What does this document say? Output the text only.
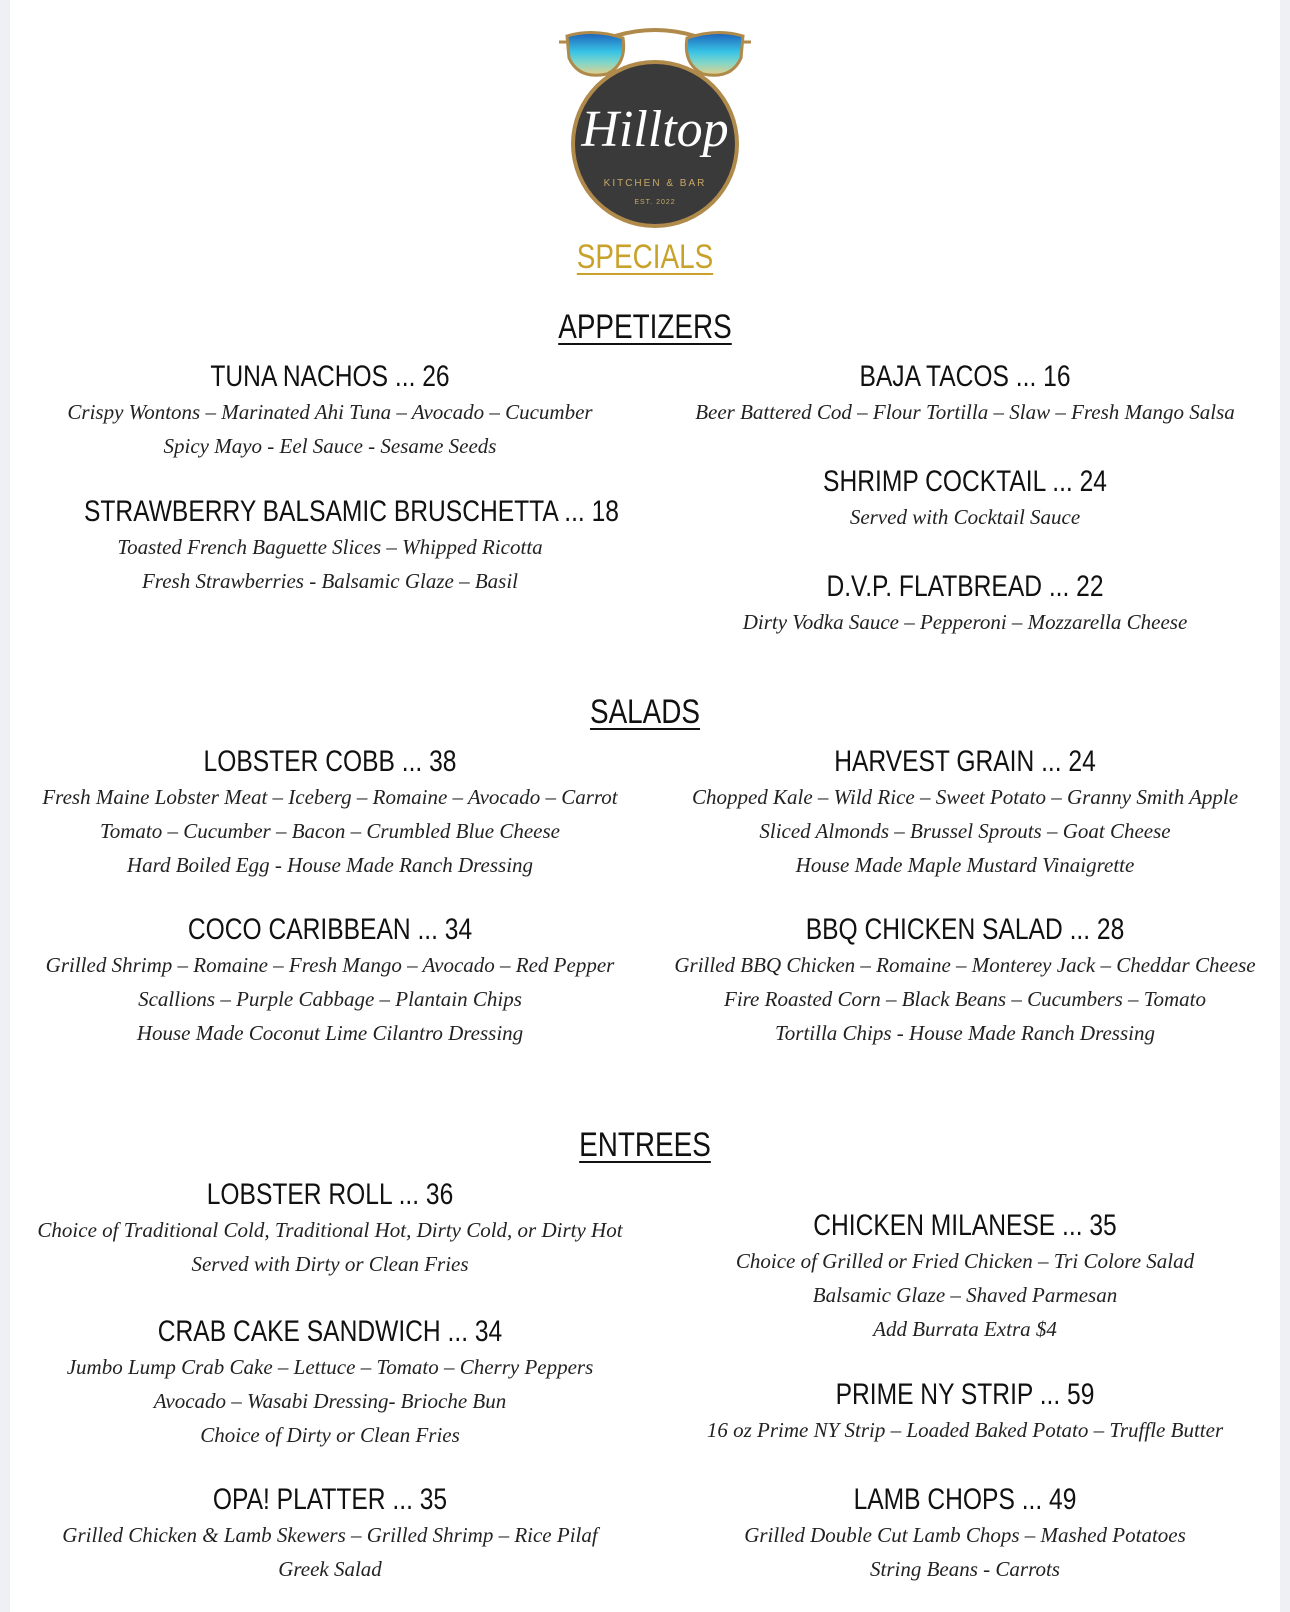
Hilltop
KITCHEN & BAR
EST. 2022
SPECIALS
APPETIZERS
TUNA NACHOS ... 26
Crispy Wontons – Marinated Ahi Tuna – Avocado – Cucumber
Spicy Mayo - Eel Sauce - Sesame Seeds
STRAWBERRY BALSAMIC BRUSCHETTA ... 18
Toasted French Baguette Slices – Whipped Ricotta
Fresh Strawberries - Balsamic Glaze – Basil
BAJA TACOS ... 16
Beer Battered Cod – Flour Tortilla – Slaw – Fresh Mango Salsa
SHRIMP COCKTAIL ... 24
Served with Cocktail Sauce
D.V.P. FLATBREAD ... 22
Dirty Vodka Sauce – Pepperoni – Mozzarella Cheese
SALADS
LOBSTER COBB ... 38
Fresh Maine Lobster Meat – Iceberg – Romaine – Avocado – Carrot
Tomato – Cucumber – Bacon – Crumbled Blue Cheese
Hard Boiled Egg - House Made Ranch Dressing
COCO CARIBBEAN ... 34
Grilled Shrimp – Romaine – Fresh Mango – Avocado – Red Pepper
Scallions – Purple Cabbage – Plantain Chips
House Made Coconut Lime Cilantro Dressing
HARVEST GRAIN ... 24
Chopped Kale – Wild Rice – Sweet Potato – Granny Smith Apple
Sliced Almonds – Brussel Sprouts – Goat Cheese
House Made Maple Mustard Vinaigrette
BBQ CHICKEN SALAD ... 28
Grilled BBQ Chicken – Romaine – Monterey Jack – Cheddar Cheese
Fire Roasted Corn – Black Beans – Cucumbers – Tomato
Tortilla Chips - House Made Ranch Dressing
ENTREES
LOBSTER ROLL ... 36
Choice of Traditional Cold, Traditional Hot, Dirty Cold, or Dirty Hot
Served with Dirty or Clean Fries
CRAB CAKE SANDWICH ... 34
Jumbo Lump Crab Cake – Lettuce – Tomato – Cherry Peppers
Avocado – Wasabi Dressing- Brioche Bun
Choice of Dirty or Clean Fries
OPA! PLATTER ... 35
Grilled Chicken & Lamb Skewers – Grilled Shrimp – Rice Pilaf
Greek Salad
CHICKEN MILANESE ... 35
Choice of Grilled or Fried Chicken – Tri Colore Salad
Balsamic Glaze – Shaved Parmesan
Add Burrata Extra $4
PRIME NY STRIP ... 59
16 oz Prime NY Strip – Loaded Baked Potato – Truffle Butter
LAMB CHOPS ... 49
Grilled Double Cut Lamb Chops – Mashed Potatoes
String Beans - Carrots
